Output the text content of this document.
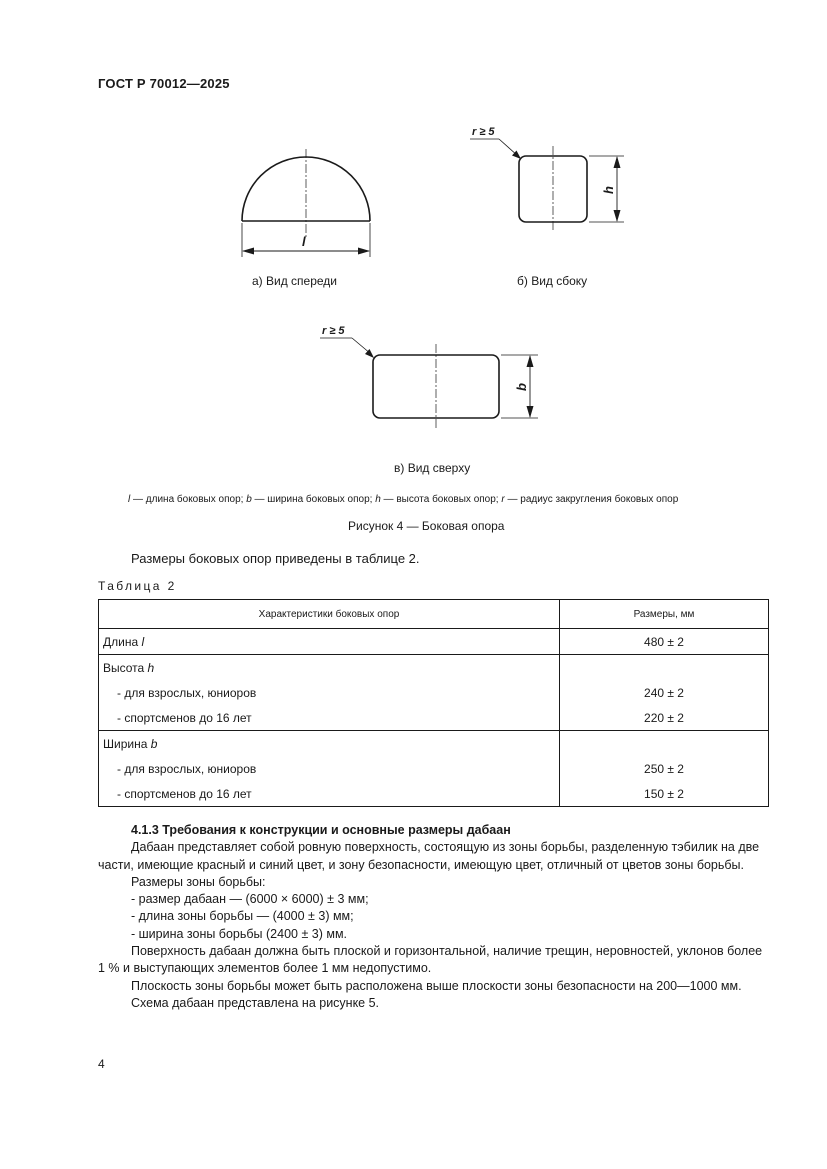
ГОСТ Р 70012—2025
l
r ≥ 5
h
а) Вид спереди	б) Вид сбоку
r ≥ 5
b
в) Вид сверху
l — длина боковых опор; b — ширина боковых опор; h — высота боковых опор; r — радиус закругления боковых опор
Рисунок 4 — Боковая опора
Размеры боковых опор приведены в таблице 2.
Таблица 2
Характеристики боковых опор	Размеры, мм
Длина l	480 ± 2
Высота h	
- для взрослых, юниоров	240 ± 2
- спортсменов до 16 лет	220 ± 2
Ширина b	
- для взрослых, юниоров	250 ± 2
- спортсменов до 16 лет	150 ± 2

4.1.3 Требования к конструкции и основные размеры дабаан

Дабаан представляет собой ровную поверхность, состоящую из зоны борьбы, разделенную тэбилик на две части, имеющие красный и синий цвет, и зону безопасности, имеющую цвет, отличный от цветов зоны борьбы.

Размеры зоны борьбы:

- размер дабаан — (6000 × 6000) ± 3 мм;

- длина зоны борьбы — (4000 ± 3) мм;

- ширина зоны борьбы (2400 ± 3) мм.

Поверхность дабаан должна быть плоской и горизонтальной, наличие трещин, неровностей, уклонов более 1 % и выступающих элементов более 1 мм недопустимо.

Плоскость зоны борьбы может быть расположена выше плоскости зоны безопасности на 200—1000 мм.

Схема дабаан представлена на рисунке 5.

4
